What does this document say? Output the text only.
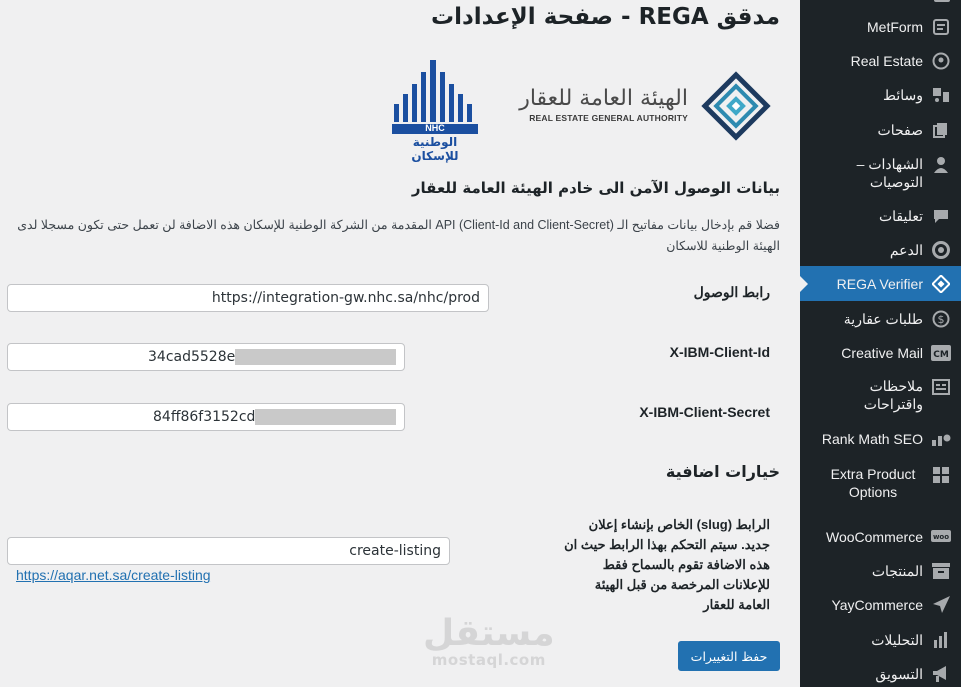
مدقق REGA - صفحة الإعدادات
الهيئة العامة للعقار
REAL ESTATE GENERAL AUTHORITY
NHC
الوطنية للإسكان
بيانات الوصول الآمن الى خادم الهيئة العامة للعقار

فضلا قم بإدخال بيانات مفاتيح الـ API (Client-Id and Client-Secret) المقدمة من الشركة الوطنية للإسكان هذه الاضافة لن تعمل حتى تكون مسجلا لدى الهيئة الوطنية للاسكان

رابط الوصول
https://integration-gw.nhc.sa/nhc/prod
X-IBM-Client-Id
34cad5528e
X-IBM-Client-Secret
84ff86f3152cd
خيارات اضافية

الرابط (slug) الخاص بإنشاء إعلان جديد. سيتم التحكم بهذا الرابط حيث ان هذه الاضافة تقوم بالسماح فقط للإعلانات المرخصة من قبل الهيئة العامة للعقار

create-listing
https://aqar.net.sa/create-listing
مستقل
mostaql.com	حفظ التغييرات
MetForm
Real Estate
وسائط
صفحات
الشهادات – التوصيات
تعليقات
الدعم
REGA Verifier
$
طلبات عقارية
CM
Creative Mail
ملاحظات واقتراحات
Rank Math SEO
Extra Product Options
woo
WooCommerce
المنتجات
YayCommerce
التحليلات
التسويق
